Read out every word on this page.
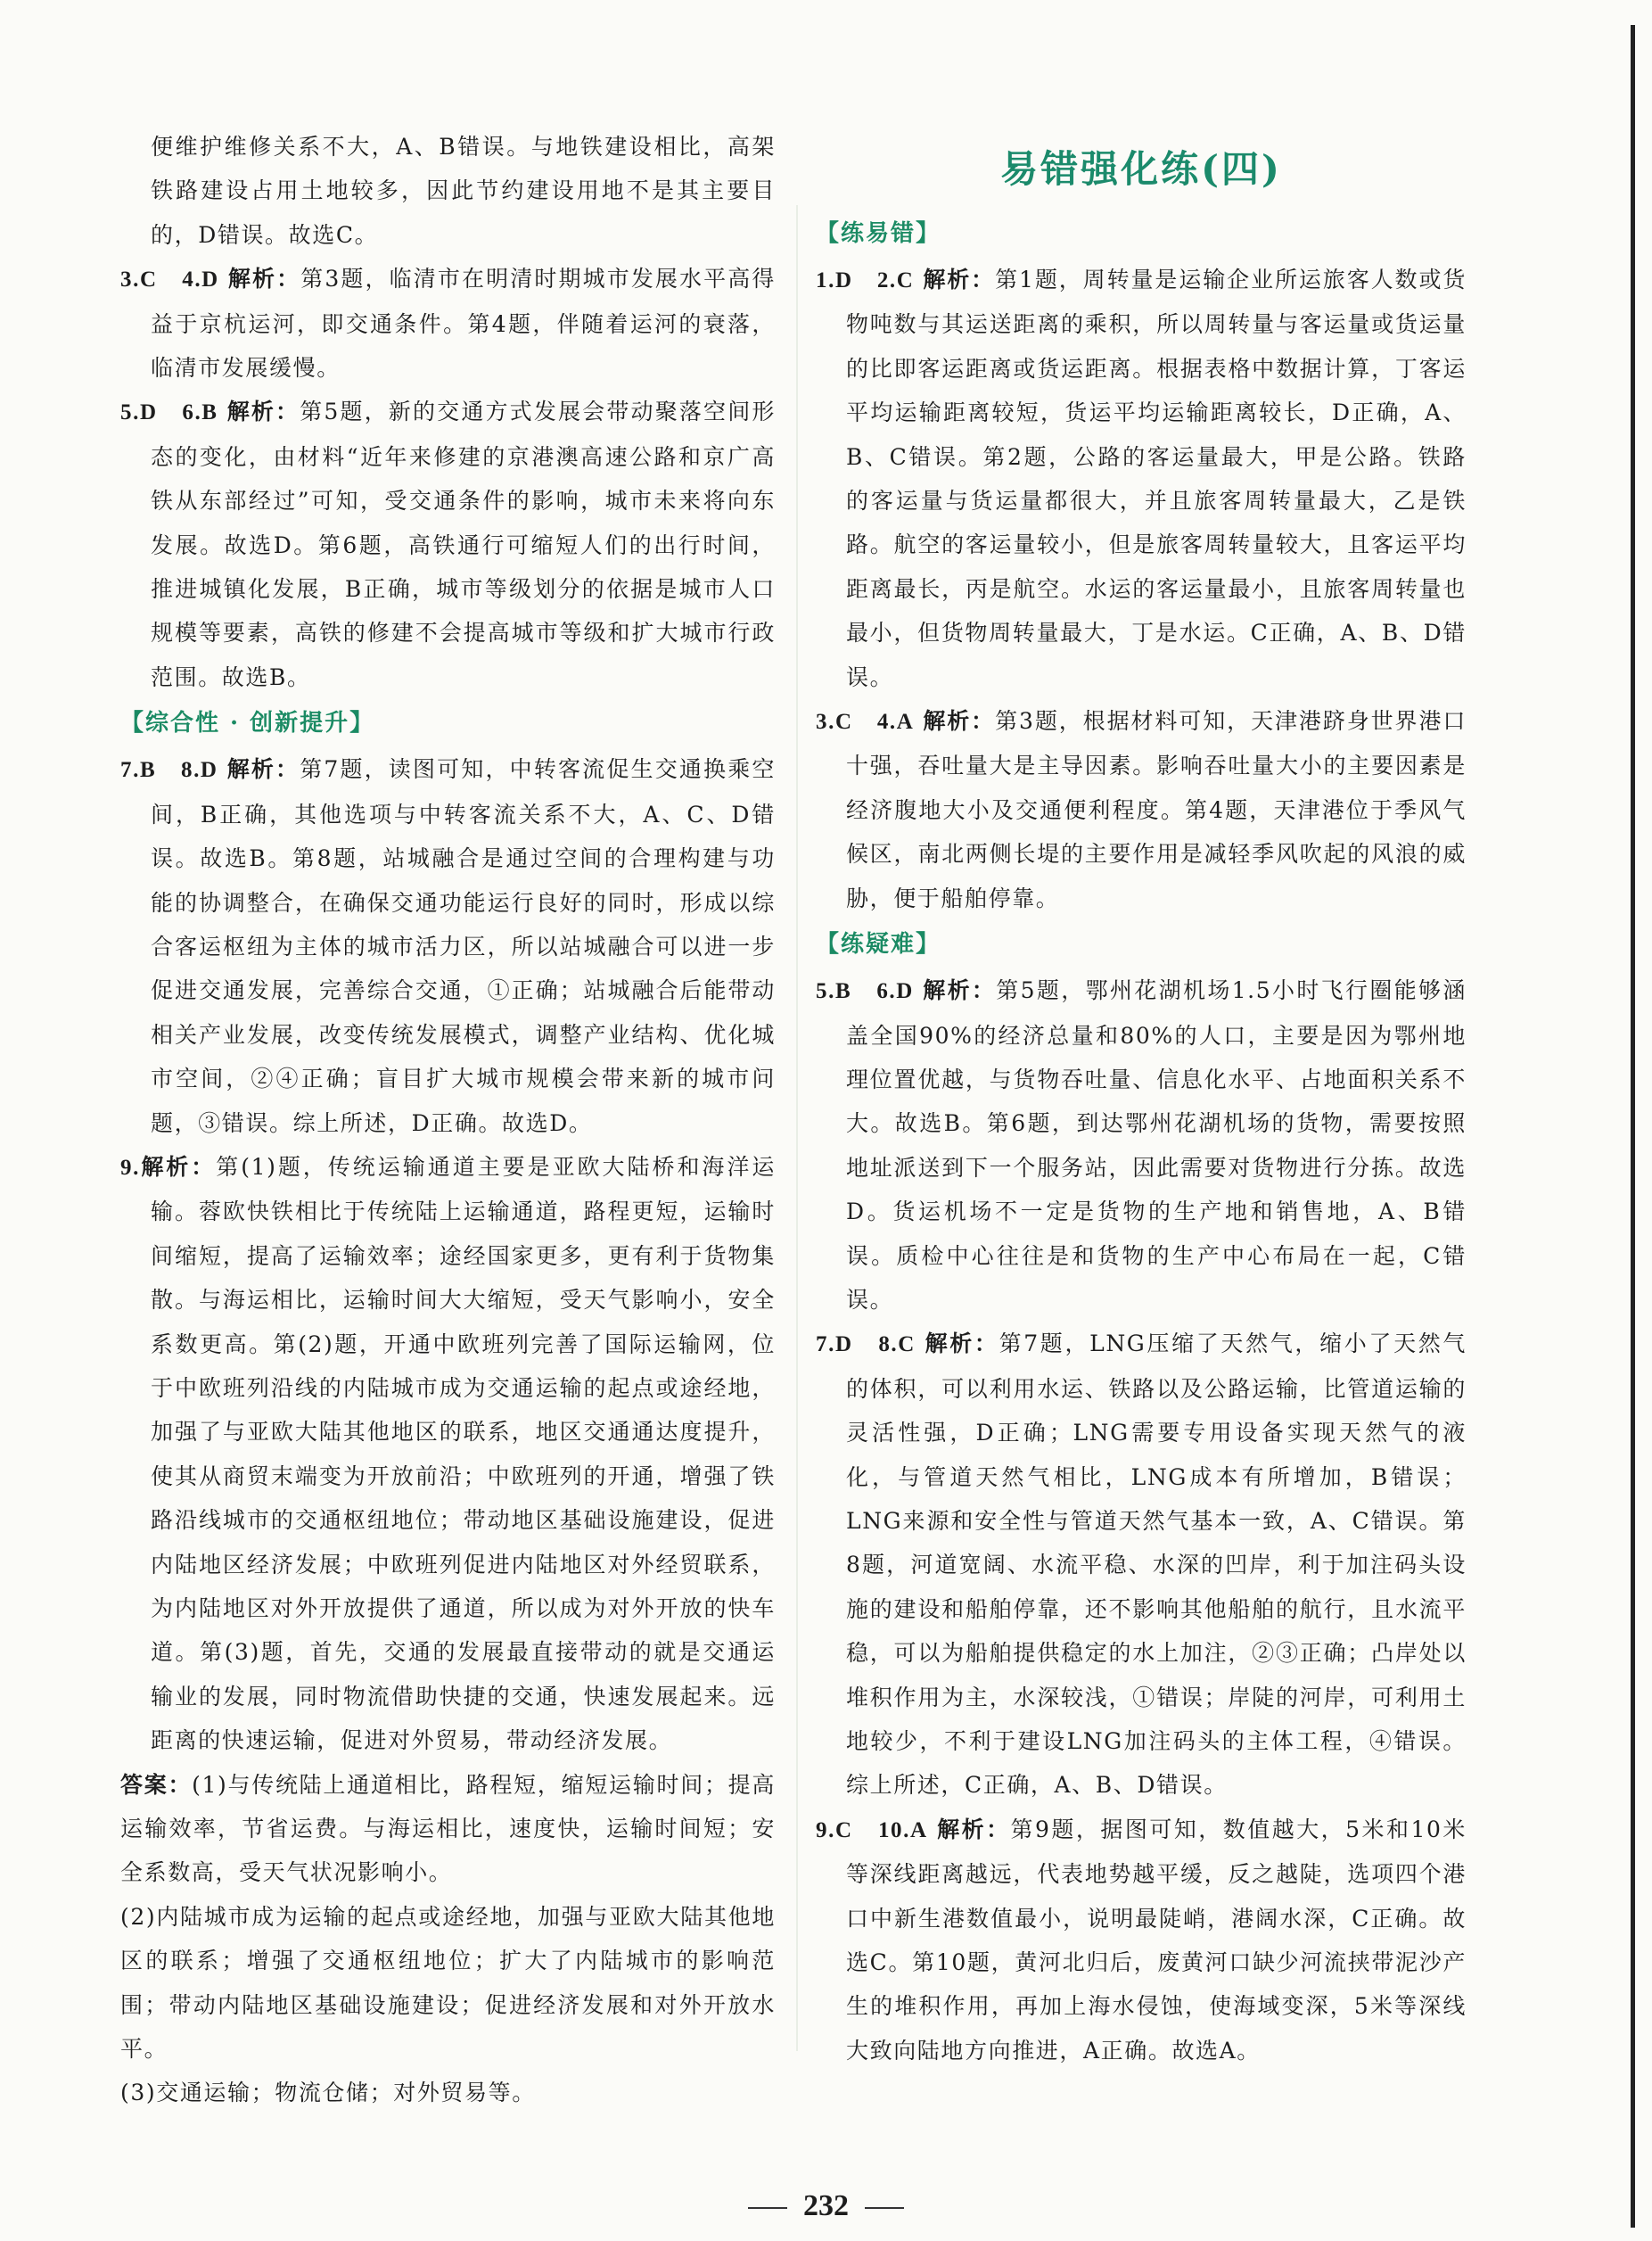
便维护维修关系不大，A、B错误。与地铁建设相比，高架铁路建设占用土地较多，因此节约建设用地不是其主要目的，D错误。故选C。

3.C　4.D 解析：第3题，临清市在明清时期城市发展水平高得益于京杭运河，即交通条件。第4题，伴随着运河的衰落，临清市发展缓慢。

5.D　6.B 解析：第5题，新的交通方式发展会带动聚落空间形态的变化，由材料“近年来修建的京港澳高速公路和京广高铁从东部经过”可知，受交通条件的影响，城市未来将向东发展。故选D。第6题，高铁通行可缩短人们的出行时间，推进城镇化发展，B正确，城市等级划分的依据是城市人口规模等要素，高铁的修建不会提高城市等级和扩大城市行政范围。故选B。

【综合性 · 创新提升】

7.B　8.D 解析：第7题，读图可知，中转客流促生交通换乘空间，B正确，其他选项与中转客流关系不大，A、C、D错误。故选B。第8题，站城融合是通过空间的合理构建与功能的协调整合，在确保交通功能运行良好的同时，形成以综合客运枢纽为主体的城市活力区，所以站城融合可以进一步促进交通发展，完善综合交通，①正确；站城融合后能带动相关产业发展，改变传统发展模式，调整产业结构、优化城市空间，②④正确；盲目扩大城市规模会带来新的城市问题，③错误。综上所述，D正确。故选D。

9.解析：第(1)题，传统运输通道主要是亚欧大陆桥和海洋运输。蓉欧快铁相比于传统陆上运输通道，路程更短，运输时间缩短，提高了运输效率；途经国家更多，更有利于货物集散。与海运相比，运输时间大大缩短，受天气影响小，安全系数更高。第(2)题，开通中欧班列完善了国际运输网，位于中欧班列沿线的内陆城市成为交通运输的起点或途经地，加强了与亚欧大陆其他地区的联系，地区交通通达度提升，使其从商贸末端变为开放前沿；中欧班列的开通，增强了铁路沿线城市的交通枢纽地位；带动地区基础设施建设，促进内陆地区经济发展；中欧班列促进内陆地区对外经贸联系，为内陆地区对外开放提供了通道，所以成为对外开放的快车道。第(3)题，首先，交通的发展最直接带动的就是交通运输业的发展，同时物流借助快捷的交通，快速发展起来。远距离的快速运输，促进对外贸易，带动经济发展。

答案：(1)与传统陆上通道相比，路程短，缩短运输时间；提高运输效率，节省运费。与海运相比，速度快，运输时间短；安全系数高，受天气状况影响小。

(2)内陆城市成为运输的起点或途经地，加强与亚欧大陆其他地区的联系；增强了交通枢纽地位；扩大了内陆城市的影响范围；带动内陆地区基础设施建设；促进经济发展和对外开放水平。

(3)交通运输；物流仓储；对外贸易等。

易错强化练(四)
【练易错】

1.D　2.C 解析：第1题，周转量是运输企业所运旅客人数或货物吨数与其运送距离的乘积，所以周转量与客运量或货运量的比即客运距离或货运距离。根据表格中数据计算，丁客运平均运输距离较短，货运平均运输距离较长，D正确，A、B、C错误。第2题，公路的客运量最大，甲是公路。铁路的客运量与货运量都很大，并且旅客周转量最大，乙是铁路。航空的客运量较小，但是旅客周转量较大，且客运平均距离最长，丙是航空。水运的客运量最小，且旅客周转量也最小，但货物周转量最大，丁是水运。C正确，A、B、D错误。

3.C　4.A 解析：第3题，根据材料可知，天津港跻身世界港口十强，吞吐量大是主导因素。影响吞吐量大小的主要因素是经济腹地大小及交通便利程度。第4题，天津港位于季风气候区，南北两侧长堤的主要作用是减轻季风吹起的风浪的威胁，便于船舶停靠。

【练疑难】

5.B　6.D 解析：第5题，鄂州花湖机场1.5小时飞行圈能够涵盖全国90%的经济总量和80%的人口，主要是因为鄂州地理位置优越，与货物吞吐量、信息化水平、占地面积关系不大。故选B。第6题，到达鄂州花湖机场的货物，需要按照地址派送到下一个服务站，因此需要对货物进行分拣。故选D。货运机场不一定是货物的生产地和销售地，A、B错误。质检中心往往是和货物的生产中心布局在一起，C错误。

7.D　8.C 解析：第7题，LNG压缩了天然气，缩小了天然气的体积，可以利用水运、铁路以及公路运输，比管道运输的灵活性强，D正确；LNG需要专用设备实现天然气的液化，与管道天然气相比，LNG成本有所增加，B错误；LNG来源和安全性与管道天然气基本一致，A、C错误。第8题，河道宽阔、水流平稳、水深的凹岸，利于加注码头设施的建设和船舶停靠，还不影响其他船舶的航行，且水流平稳，可以为船舶提供稳定的水上加注，②③正确；凸岸处以堆积作用为主，水深较浅，①错误；岸陡的河岸，可利用土地较少，不利于建设LNG加注码头的主体工程，④错误。综上所述，C正确，A、B、D错误。

9.C　10.A 解析：第9题，据图可知，数值越大，5米和10米等深线距离越远，代表地势越平缓，反之越陡，选项四个港口中新生港数值最小，说明最陡峭，港阔水深，C正确。故选C。第10题，黄河北归后，废黄河口缺少河流挟带泥沙产生的堆积作用，再加上海水侵蚀，使海域变深，5米等深线大致向陆地方向推进，A正确。故选A。

232
